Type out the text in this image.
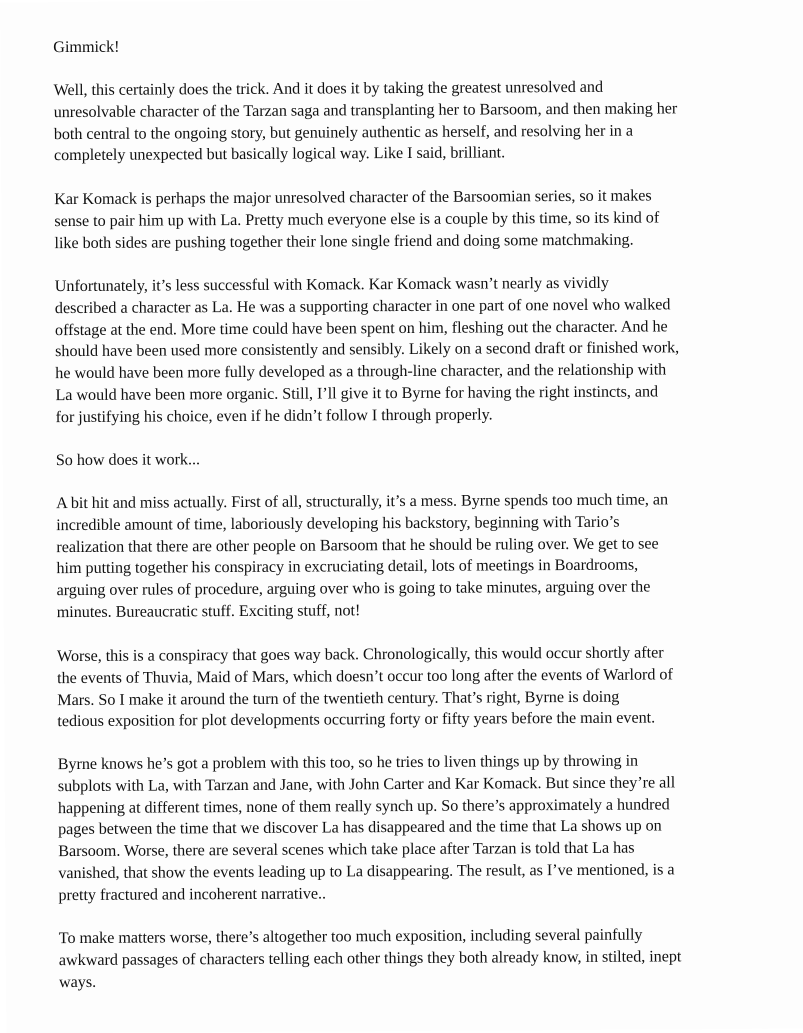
Gimmick!

Well, this certainly does the trick. And it does it by taking the greatest unresolved and
unresolvable character of the Tarzan saga and transplanting her to Barsoom, and then making her
both central to the ongoing story, but genuinely authentic as herself, and resolving her in a
completely unexpected but basically logical way. Like I said, brilliant.

Kar Komack is perhaps the major unresolved character of the Barsoomian series, so it makes
sense to pair him up with La. Pretty much everyone else is a couple by this time, so its kind of
like both sides are pushing together their lone single friend and doing some matchmaking.

Unfortunately, it’s less successful with Komack. Kar Komack wasn’t nearly as vividly
described a character as La. He was a supporting character in one part of one novel who walked
offstage at the end. More time could have been spent on him, fleshing out the character. And he
should have been used more consistently and sensibly. Likely on a second draft or finished work,
he would have been more fully developed as a through-line character, and the relationship with
La would have been more organic. Still, I’ll give it to Byrne for having the right instincts, and
for justifying his choice, even if he didn’t follow I through properly.

So how does it work...

A bit hit and miss actually. First of all, structurally, it’s a mess. Byrne spends too much time, an
incredible amount of time, laboriously developing his backstory, beginning with Tario’s
realization that there are other people on Barsoom that he should be ruling over. We get to see
him putting together his conspiracy in excruciating detail, lots of meetings in Boardrooms,
arguing over rules of procedure, arguing over who is going to take minutes, arguing over the
minutes. Bureaucratic stuff. Exciting stuff, not!

Worse, this is a conspiracy that goes way back. Chronologically, this would occur shortly after
the events of Thuvia, Maid of Mars, which doesn’t occur too long after the events of Warlord of
Mars. So I make it around the turn of the twentieth century. That’s right, Byrne is doing
tedious exposition for plot developments occurring forty or fifty years before the main event.

Byrne knows he’s got a problem with this too, so he tries to liven things up by throwing in
subplots with La, with Tarzan and Jane, with John Carter and Kar Komack. But since they’re all
happening at different times, none of them really synch up. So there’s approximately a hundred
pages between the time that we discover La has disappeared and the time that La shows up on
Barsoom. Worse, there are several scenes which take place after Tarzan is told that La has
vanished, that show the events leading up to La disappearing. The result, as I’ve mentioned, is a
pretty fractured and incoherent narrative..

To make matters worse, there’s altogether too much exposition, including several painfully
awkward passages of characters telling each other things they both already know, in stilted, inept
ways.
